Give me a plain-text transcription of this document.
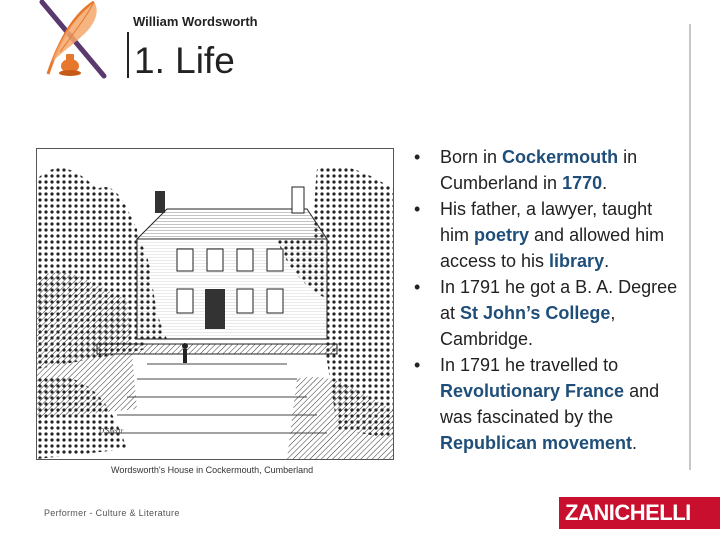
William Wordsworth
1. Life
D.Shertr
Wordsworth's House in Cockermouth, Cumberland
• Born in Cockermouth in Cumberland in 1770.
• His father, a lawyer, taught him poetry and allowed him access to his library.
• In 1791 he got a B. A. Degree at St John’s College, Cambridge.
• In 1791 he travelled to Revolutionary France and was fascinated by the Republican movement.
Performer - Culture & Literature	ZANICHELLI
